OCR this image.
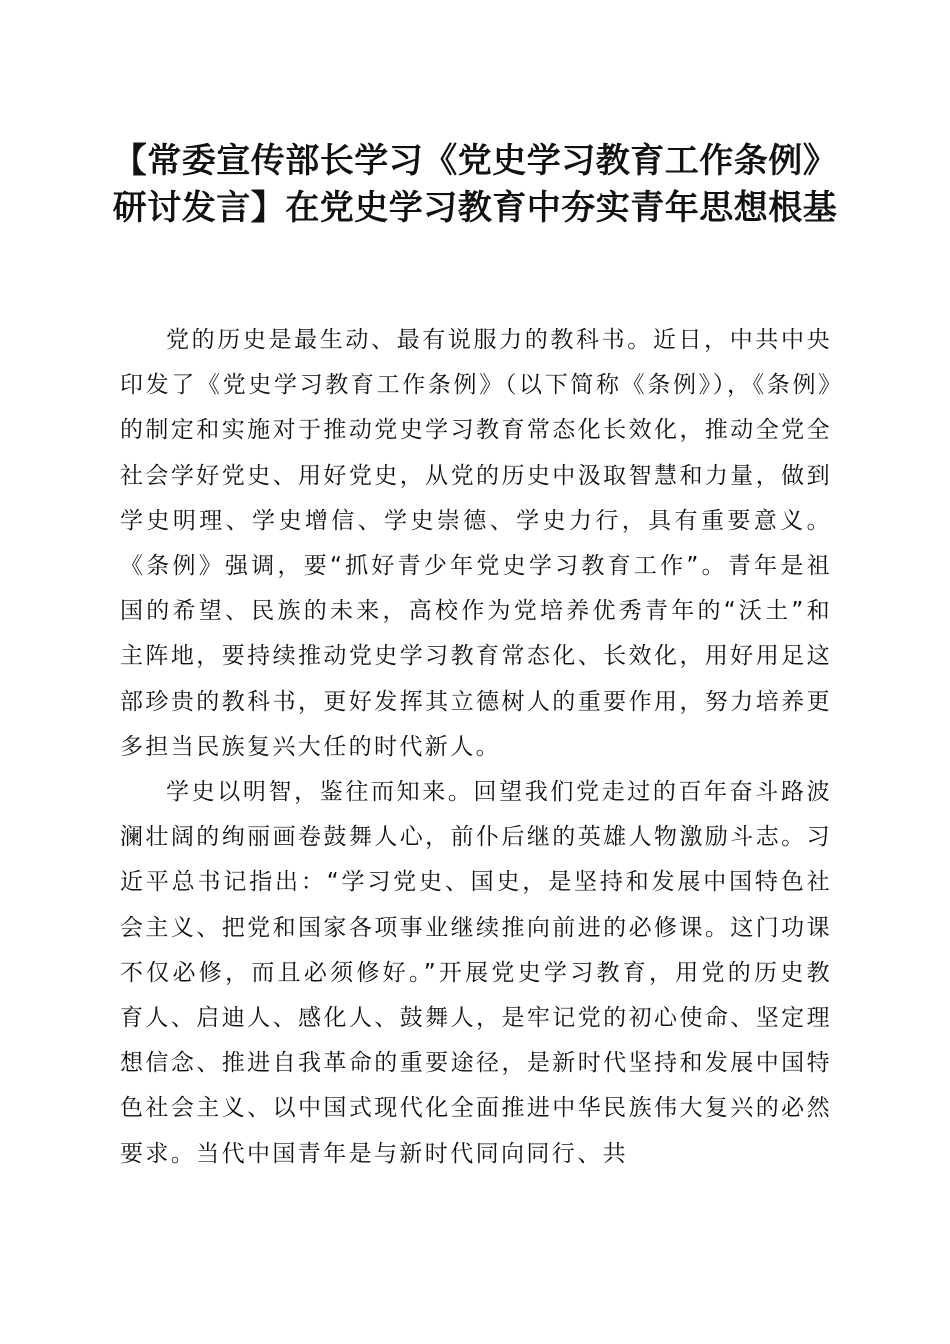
【常委宣传部长学习《党史学习教育工作条例》研讨发言】在党史学习教育中夯实青年思想根基

党的历史是最生动、最有说服力的教科书。近日，中共中央印发了《党史学习教育工作条例》（以下简称《条例》），《条例》的制定和实施对于推动党史学习教育常态化长效化，推动全党全社会学好党史、用好党史，从党的历史中汲取智慧和力量，做到学史明理、学史增信、学史崇德、学史力行，具有重要意义。《条例》强调，要“抓好青少年党史学习教育工作”。青年是祖国的希望、民族的未来，高校作为党培养优秀青年的“沃土”和主阵地，要持续推动党史学习教育常态化、长效化，用好用足这部珍贵的教科书，更好发挥其立德树人的重要作用，努力培养更多担当民族复兴大任的时代新人。

学史以明智，鉴往而知来。回望我们党走过的百年奋斗路波澜壮阔的绚丽画卷鼓舞人心，前仆后继的英雄人物激励斗志。习近平总书记指出：“学习党史、国史，是坚持和发展中国特色社会主义、把党和国家各项事业继续推向前进的必修课。这门功课不仅必修，而且必须修好。”开展党史学习教育，用党的历史教育人、启迪人、感化人、鼓舞人，是牢记党的初心使命、坚定理想信念、推进自我革命的重要途径，是新时代坚持和发展中国特色社会主义、以中国式现代化全面推进中华民族伟大复兴的必然要求。当代中国青年是与新时代同向同行、共
